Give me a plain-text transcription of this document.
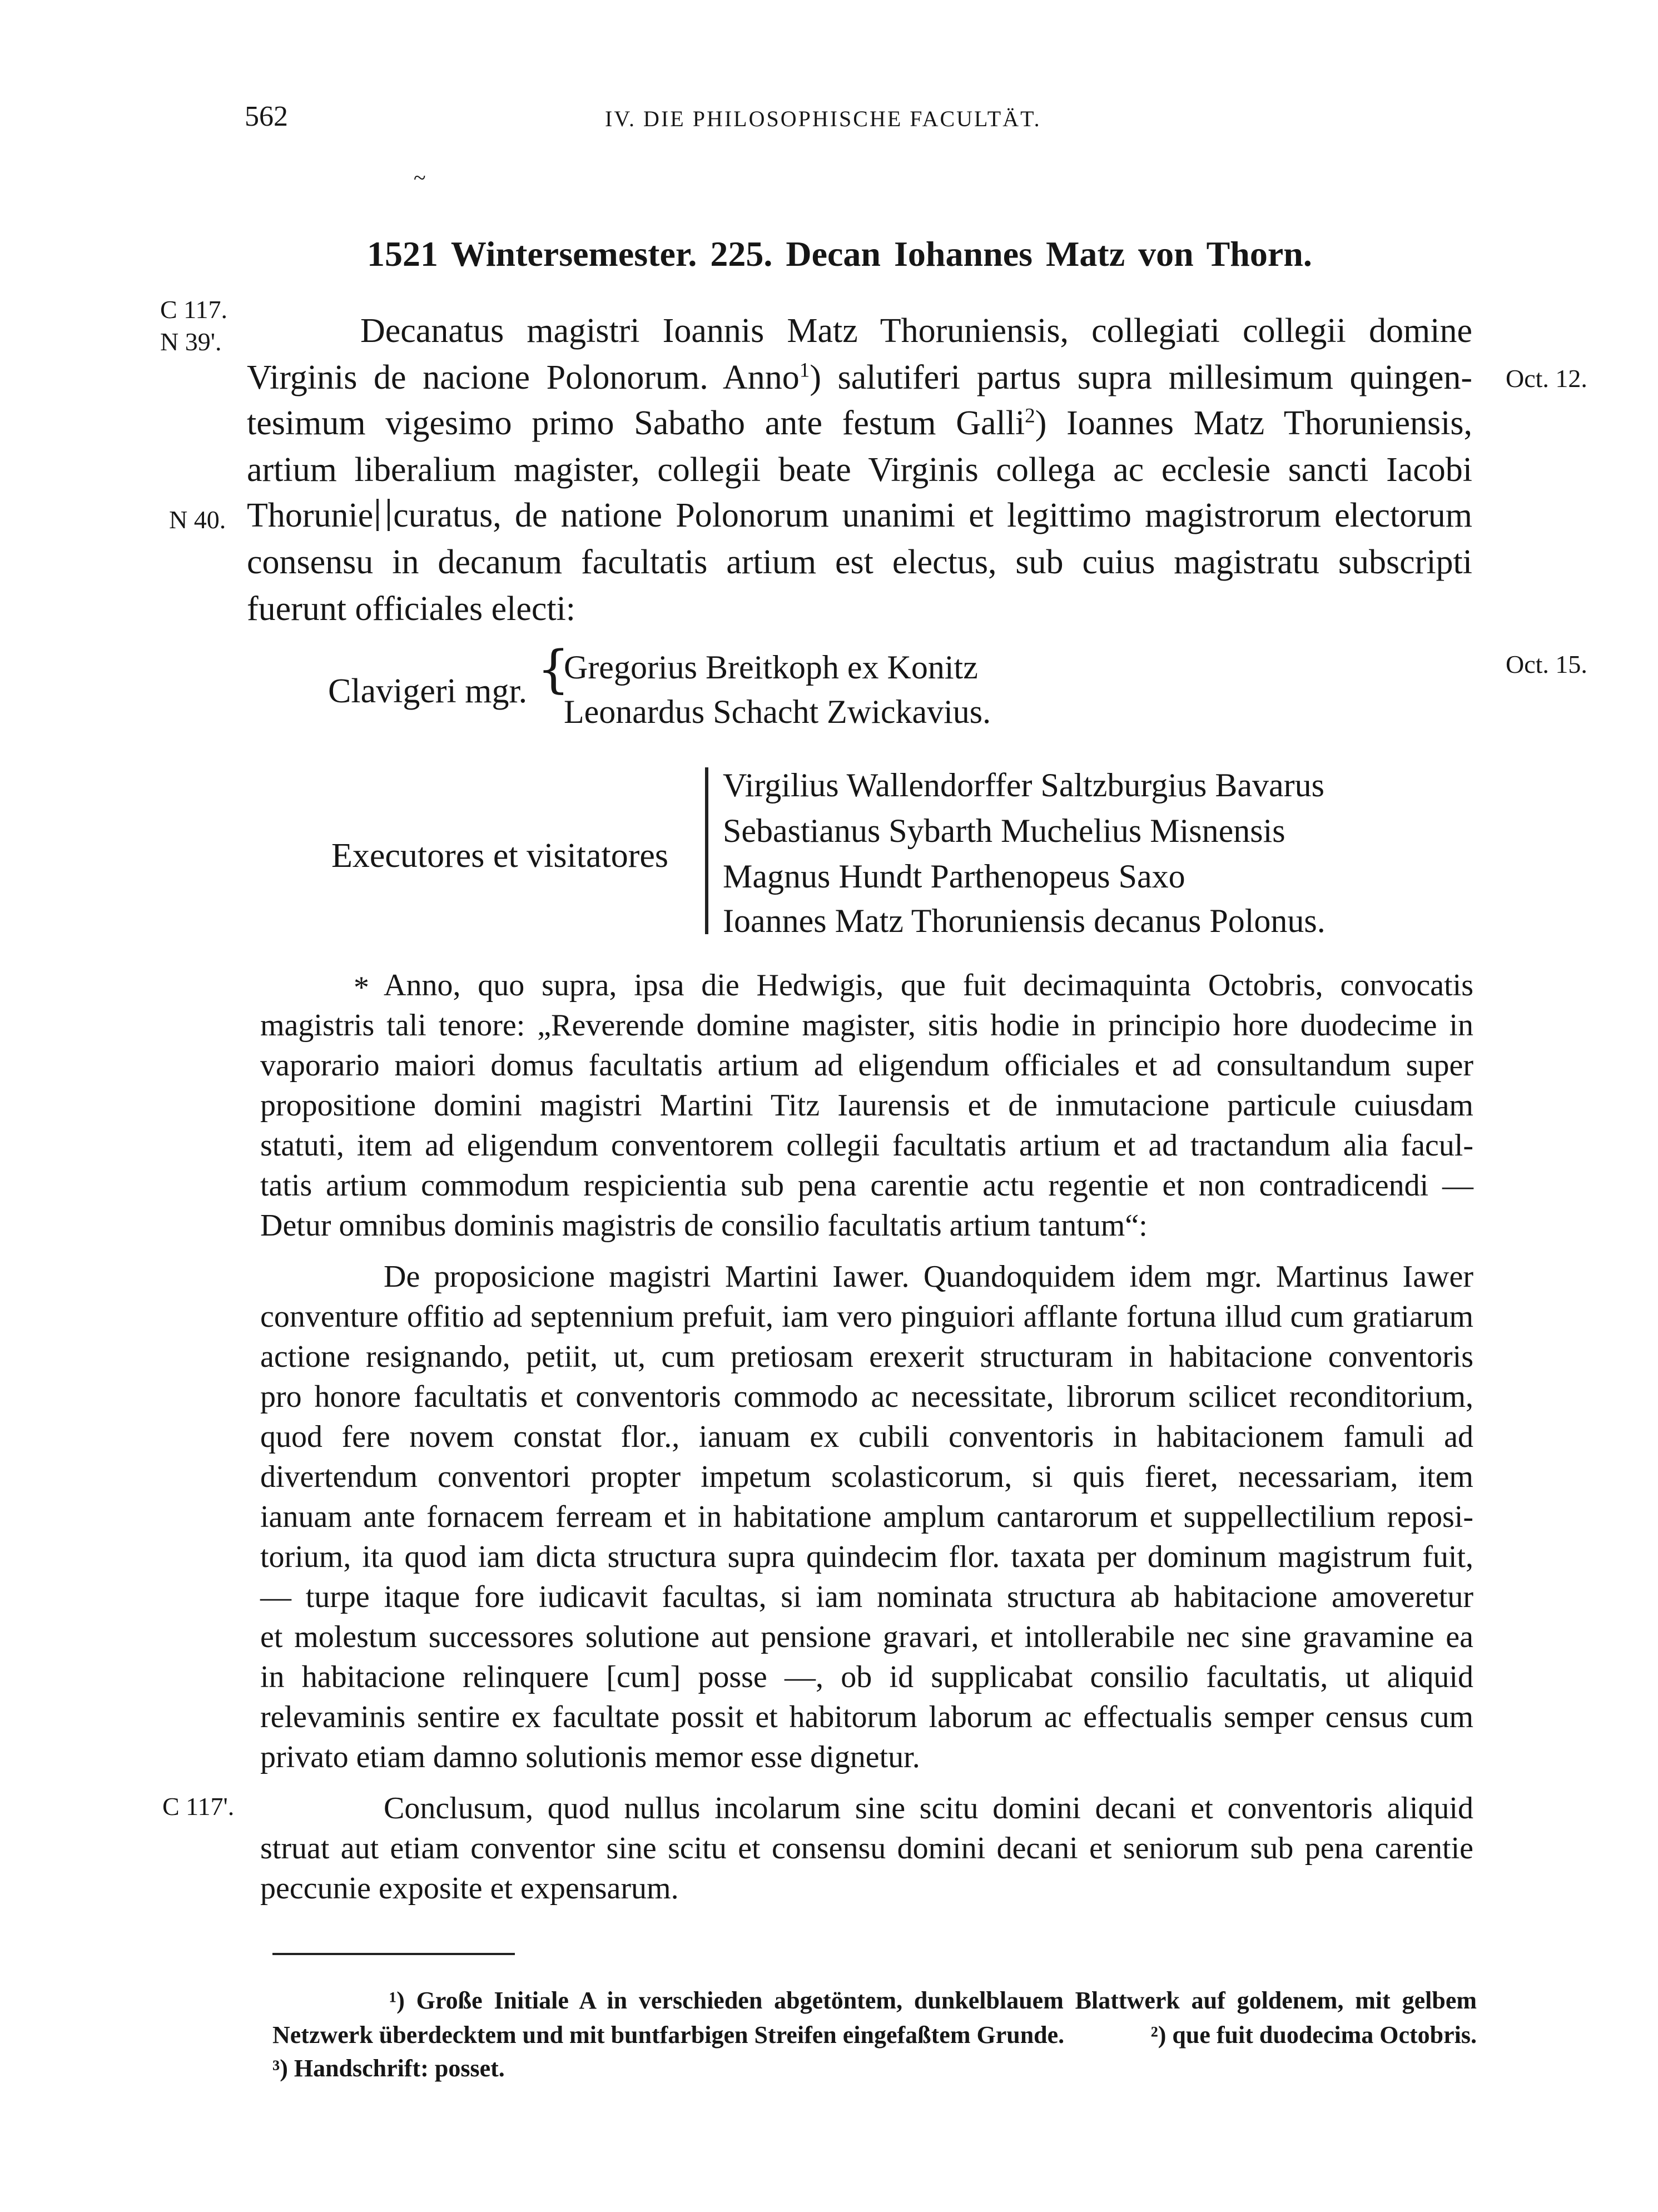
562	IV. DIE PHILOSOPHISCHE FACULTÄT.
~
1521 Wintersemester. 225. Decan Iohannes Matz von Thorn.
C 117.
N 39'.
Oct. 12.
N 40.
Oct. 15.
C 117'.
Decanatus magistri Ioannis Matz Thoruniensis, collegiati collegii domine
Virginis de nacione Polonorum. Anno$^1$) salutiferi partus supra millesimum quingen-
tesimum vigesimo primo Sabatho ante festum Galli$^2$) Ioannes Matz Thoruniensis,
artium liberalium magister, collegii beate Virginis collega ac ecclesie sancti Iacobi
Thorunie curatus, de natione Polonorum unanimi et legittimo magistrorum electorum
consensu in decanum facultatis artium est electus, sub cuius magistratu subscripti
fuerunt officiales electi:
Clavigeri mgr. {
Gregorius Breitkoph ex Konitz
Leonardus Schacht Zwickavius.
Executores et visitatores
Virgilius Wallendorffer Saltzburgius Bavarus
Sebastianus Sybarth Muchelius Misnensis
Magnus Hundt Parthenopeus Saxo
Ioannes Matz Thoruniensis decanus Polonus.
* Anno, quo supra, ipsa die Hedwigis, que fuit decimaquinta Octobris, convocatis
magistris tali tenore: „Reverende domine magister, sitis hodie in principio hore duodecime in
vaporario maiori domus facultatis artium ad eligendum officiales et ad consultandum super
propositione domini magistri Martini Titz Iaurensis et de inmutacione particule cuiusdam
statuti, item ad eligendum conventorem collegii facultatis artium et ad tractandum alia facul-
tatis artium commodum respicientia sub pena carentie actu regentie et non contradicendi —
Detur omnibus dominis magistris de consilio facultatis artium tantum“:
De proposicione magistri Martini Iawer. Quandoquidem idem mgr. Martinus Iawer
conventure offitio ad septennium prefuit, iam vero pinguiori afflante fortuna illud cum gratiarum
actione resignando, petiit, ut, cum pretiosam erexerit structuram in habitacione conventoris
pro honore facultatis et conventoris commodo ac necessitate, librorum scilicet reconditorium,
quod fere novem constat flor., ianuam ex cubili conventoris in habitacionem famuli ad
divertendum conventori propter impetum scolasticorum, si quis fieret, necessariam, item
ianuam ante fornacem ferream et in habitatione amplum cantarorum et suppellectilium reposi-
torium, ita quod iam dicta structura supra quindecim flor. taxata per dominum magistrum fuit,
— turpe itaque fore iudicavit facultas, si iam nominata structura ab habitacione amoveretur
et molestum successores solutione aut pensione gravari, et intollerabile nec sine gravamine ea
in habitacione relinquere [cum] posse —, ob id supplicabat consilio facultatis, ut aliquid
relevaminis sentire ex facultate possit et habitorum laborum ac effectualis semper census cum
privato etiam damno solutionis memor esse dignetur.
Conclusum, quod nullus incolarum sine scitu domini decani et conventoris aliquid
struat aut etiam conventor sine scitu et consensu domini decani et seniorum sub pena carentie
peccunie exposite et expensarum.
¹) Große Initiale A in verschieden abgetöntem, dunkelblauem Blattwerk auf goldenem, mit gelbem
Netzwerk überdecktem und mit buntfarbigen Streifen eingefaßtem Grunde.	²) que fuit duodecima Octobris.
³) Handschrift: posset.
